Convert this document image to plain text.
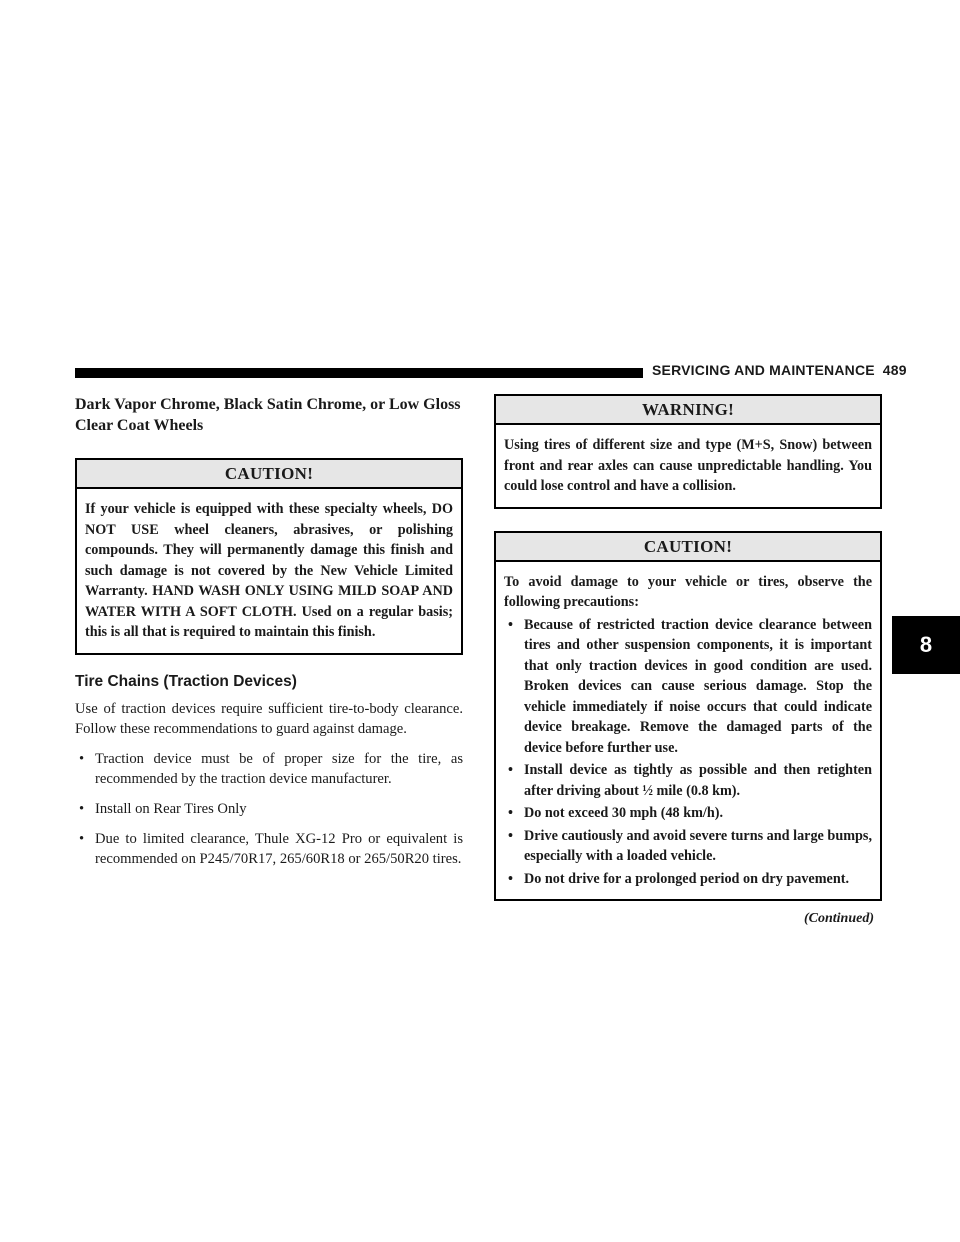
SERVICING AND MAINTENANCE 489
8

Dark Vapor Chrome, Black Satin Chrome, or Low Gloss Clear Coat Wheels

CAUTION!

If your vehicle is equipped with these specialty wheels, DO NOT USE wheel cleaners, abrasives, or polishing compounds. They will permanently damage this finish and such damage is not covered by the New Vehicle Limited Warranty. HAND WASH ONLY USING MILD SOAP AND WATER WITH A SOFT CLOTH. Used on a regular basis; this is all that is required to maintain this finish.

Tire Chains (Traction Devices)

Use of traction devices require sufficient tire-to-body clearance. Follow these recommendations to guard against damage.

• Traction device must be of proper size for the tire, as recommended by the traction device manufacturer.
• Install on Rear Tires Only
• Due to limited clearance, Thule XG-12 Pro or equivalent is recommended on P245/70R17, 265/60R18 or 265/50R20 tires.
WARNING!

Using tires of different size and type (M+S, Snow) between front and rear axles can cause unpredictable handling. You could lose control and have a collision.

CAUTION!

To avoid damage to your vehicle or tires, observe the following precautions:

• Because of restricted traction device clearance between tires and other suspension components, it is important that only traction devices in good condition are used. Broken devices can cause serious damage. Stop the vehicle immediately if noise occurs that could indicate device breakage. Remove the damaged parts of the device before further use.
• Install device as tightly as possible and then retighten after driving about ½ mile (0.8 km).
• Do not exceed 30 mph (48 km/h).
• Drive cautiously and avoid severe turns and large bumps, especially with a loaded vehicle.
• Do not drive for a prolonged period on dry pavement.
(Continued)
